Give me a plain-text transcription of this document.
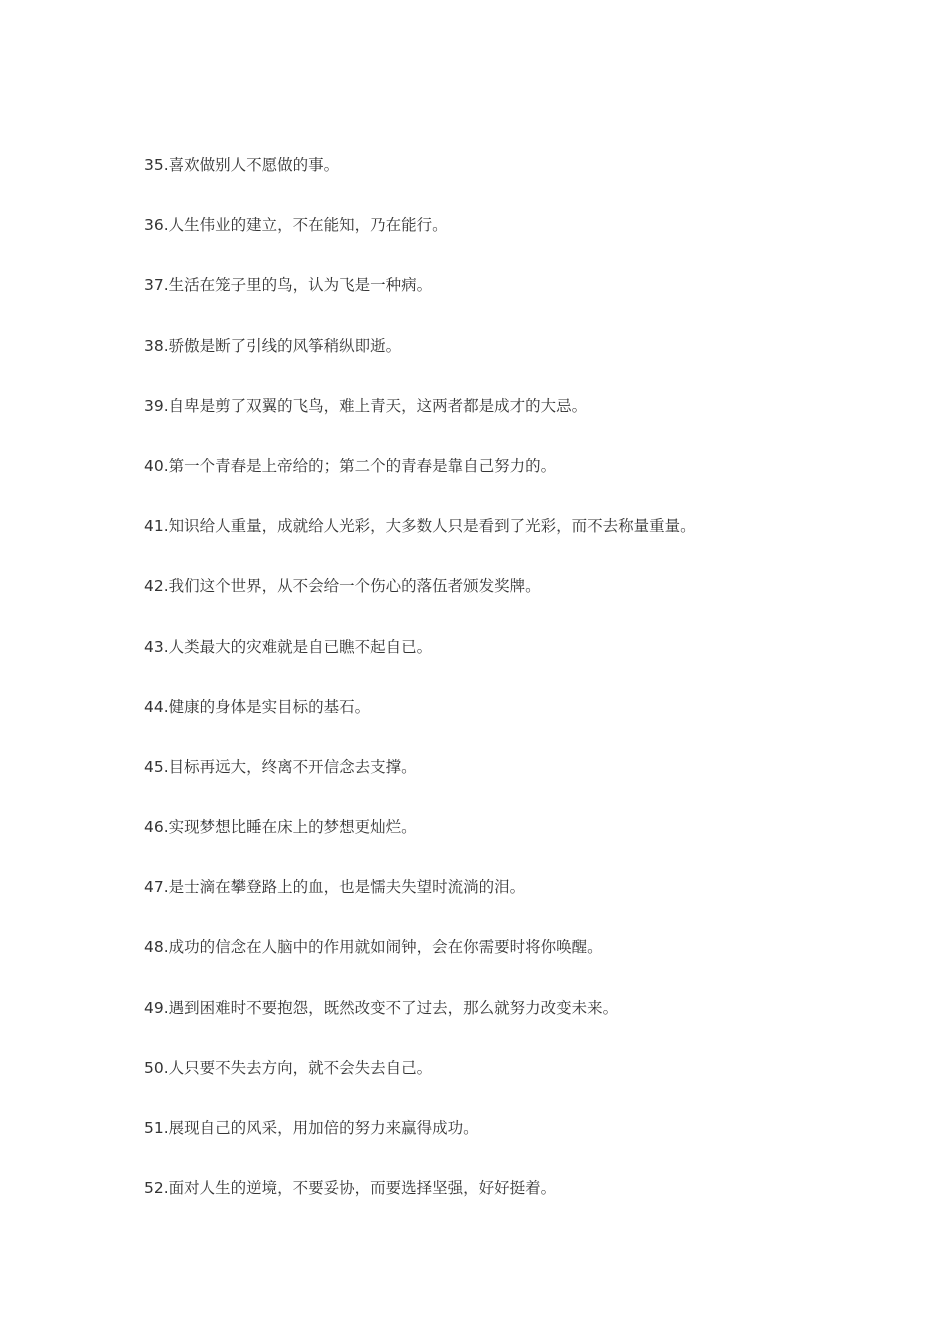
35.喜欢做别人不愿做的事。
36.人生伟业的建立，不在能知，乃在能行。
37.生活在笼子里的鸟，认为飞是一种病。
38.骄傲是断了引线的风筝稍纵即逝。
39.自卑是剪了双翼的飞鸟，难上青天，这两者都是成才的大忌。
40.第一个青春是上帝给的；第二个的青春是靠自己努力的。
41.知识给人重量，成就给人光彩，大多数人只是看到了光彩，而不去称量重量。
42.我们这个世界，从不会给一个伤心的落伍者颁发奖牌。
43.人类最大的灾难就是自已瞧不起自已。
44.健康的身体是实目标的基石。
45.目标再远大，终离不开信念去支撑。
46.实现梦想比睡在床上的梦想更灿烂。
47.是士滴在攀登路上的血，也是懦夫失望时流淌的泪。
48.成功的信念在人脑中的作用就如闹钟，会在你需要时将你唤醒。
49.遇到困难时不要抱怨，既然改变不了过去，那么就努力改变未来。
50.人只要不失去方向，就不会失去自己。
51.展现自己的风采，用加倍的努力来赢得成功。
52.面对人生的逆境，不要妥协，而要选择坚强，好好挺着。
